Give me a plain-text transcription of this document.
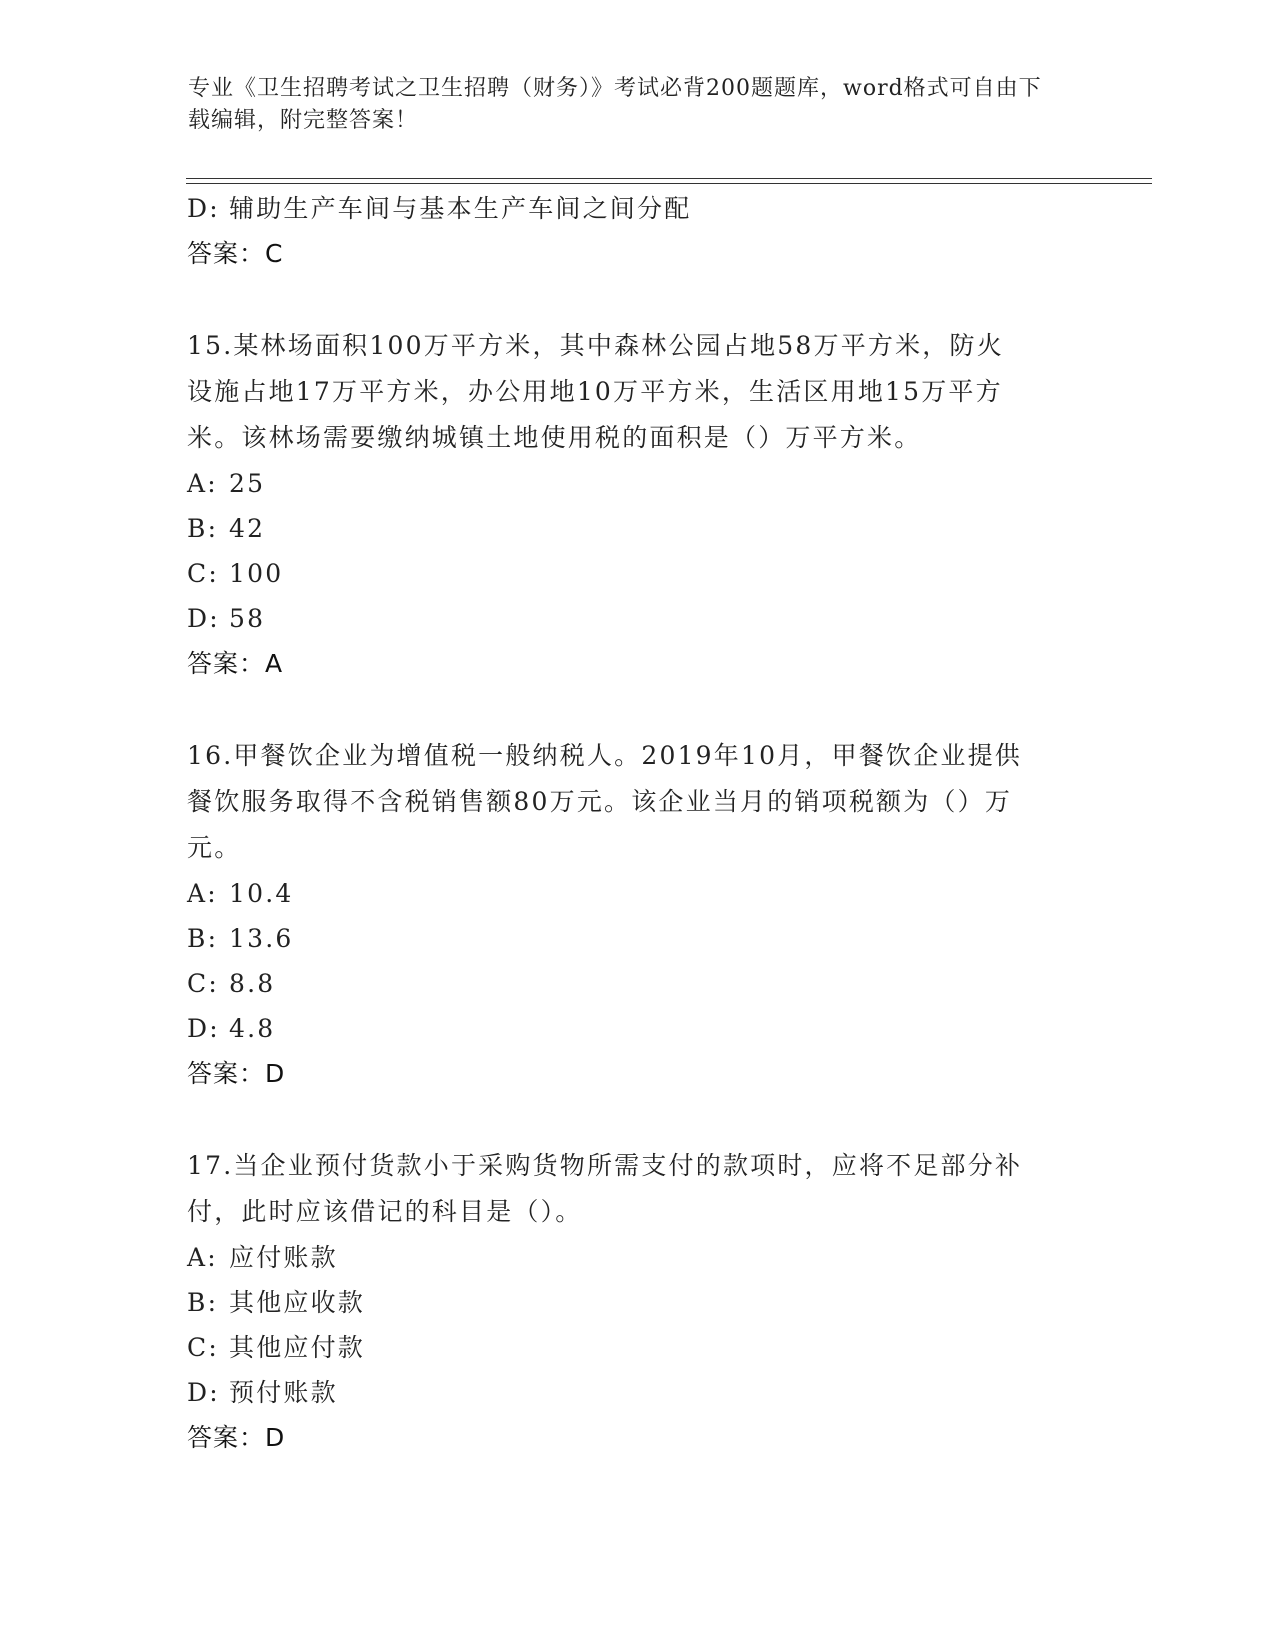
专业《卫生招聘考试之卫生招聘（财务）》考试必背200题题库，word格式可自由下载编辑，附完整答案！
D: 辅助生产车间与基本生产车间之间分配
答案：C
15.某林场面积100万平方米，其中森林公园占地58万平方米，防火
设施占地17万平方米，办公用地10万平方米，生活区用地15万平方
米。该林场需要缴纳城镇土地使用税的面积是（）万平方米。
A: 25
B: 42
C: 100
D: 58
答案：A
16.甲餐饮企业为增值税一般纳税人。2019年10月，甲餐饮企业提供
餐饮服务取得不含税销售额80万元。该企业当月的销项税额为（）万
元。
A: 10.4
B: 13.6
C: 8.8
D: 4.8
答案：D
17.当企业预付货款小于采购货物所需支付的款项时，应将不足部分补
付，此时应该借记的科目是（）。
A: 应付账款
B: 其他应收款
C: 其他应付款
D: 预付账款
答案：D
